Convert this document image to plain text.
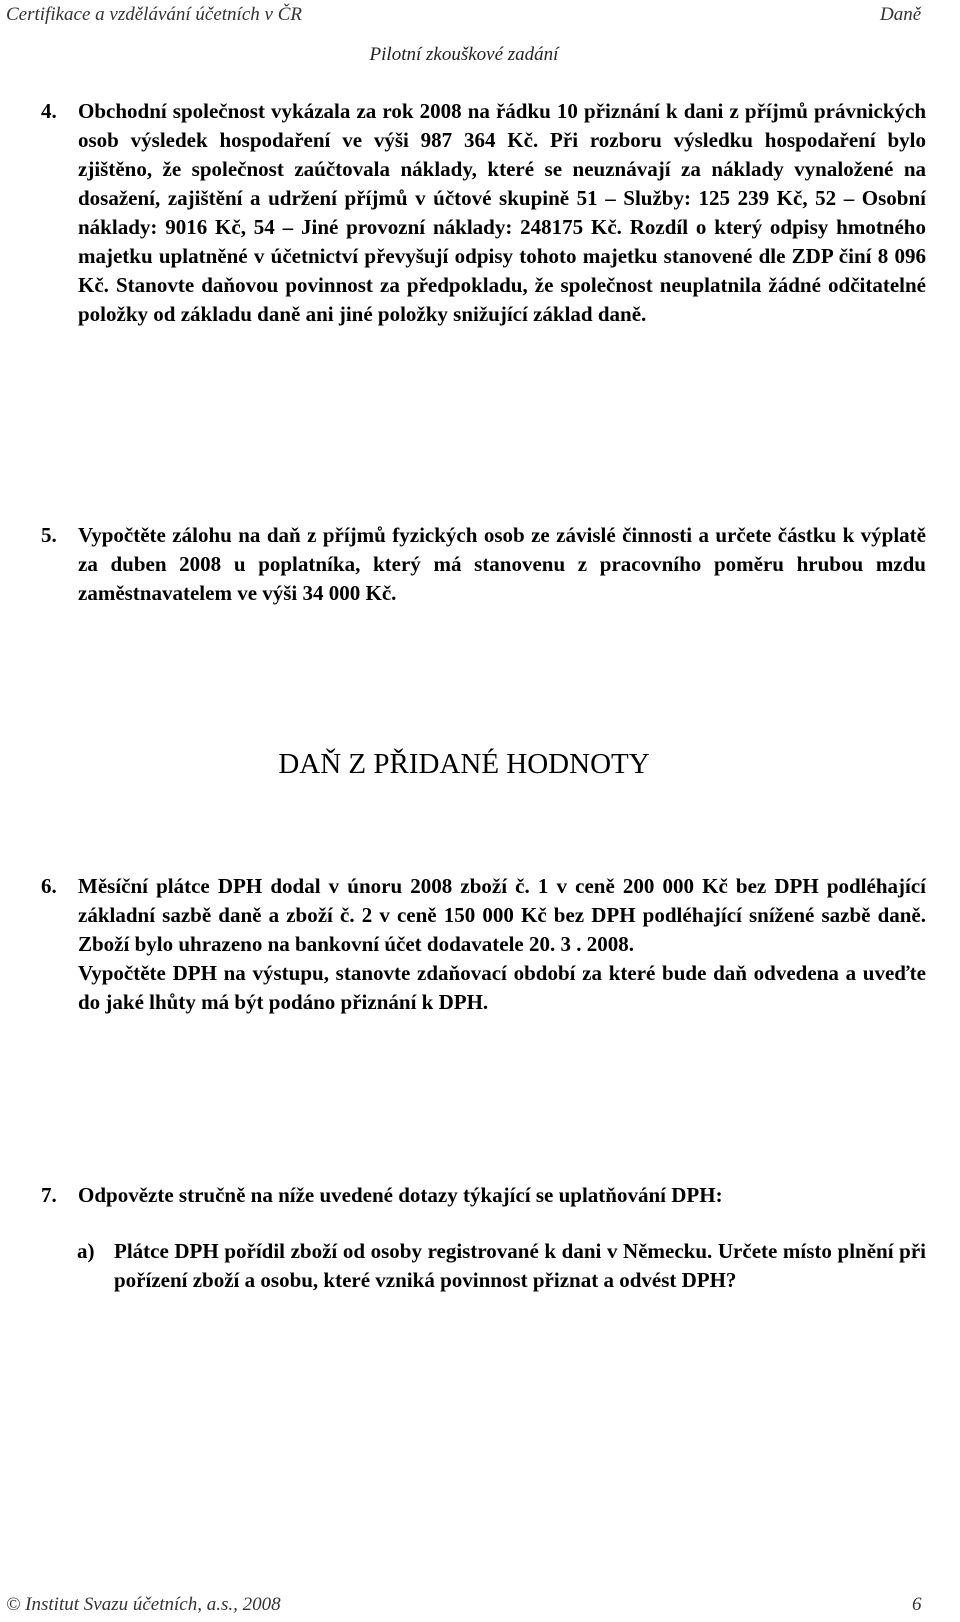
Certifikace a vzdělávání účetních v ČR	Daně
Pilotní zkouškové zadání
4. Obchodní společnost vykázala za rok 2008 na řádku 10 přiznání k dani z příjmů právnických osob výsledek hospodaření ve výši 987 364 Kč. Při rozboru výsledku hospodaření bylo zjištěno, že společnost zaúčtovala náklady, které se neuznávají za náklady vynaložené na dosažení, zajištění a udržení příjmů v účtové skupině 51 – Služby: 125 239 Kč, 52 – Osobní náklady: 9016 Kč, 54 – Jiné provozní náklady: 248175 Kč. Rozdíl o který odpisy hmotného majetku uplatněné v účetnictví převyšují odpisy tohoto majetku stanovené dle ZDP činí 8 096 Kč. Stanovte daňovou povinnost za předpokladu, že společnost neuplatnila žádné odčitatelné položky od základu daně ani jiné položky snižující základ daně.

5. Vypočtěte zálohu na daň z příjmů fyzických osob ze závislé činnosti a určete částku k výplatě za duben 2008 u poplatníka, který má stanovenu z pracovního poměru hrubou mzdu zaměstnavatelem ve výši 34 000 Kč.

DAŇ Z PŘIDANÉ HODNOTY
6. Měsíční plátce DPH dodal v únoru 2008 zboží č. 1 v ceně 200 000 Kč bez DPH podléhající základní sazbě daně a zboží č. 2 v ceně 150 000 Kč bez DPH podléhající snížené sazbě daně. Zboží bylo uhrazeno na bankovní účet dodavatele 20. 3 . 2008.

Vypočtěte DPH na výstupu, stanovte zdaňovací období za které bude daň odvedena a uveďte do jaké lhůty má být podáno přiznání k DPH.

7. Odpovězte stručně na níže uvedené dotazy týkající se uplatňování DPH:

a) Plátce DPH pořídil zboží od osoby registrované k dani v Německu. Určete místo plnění při pořízení zboží a osobu, které vzniká povinnost přiznat a odvést DPH?

© Institut Svazu účetních, a.s., 2008	6
